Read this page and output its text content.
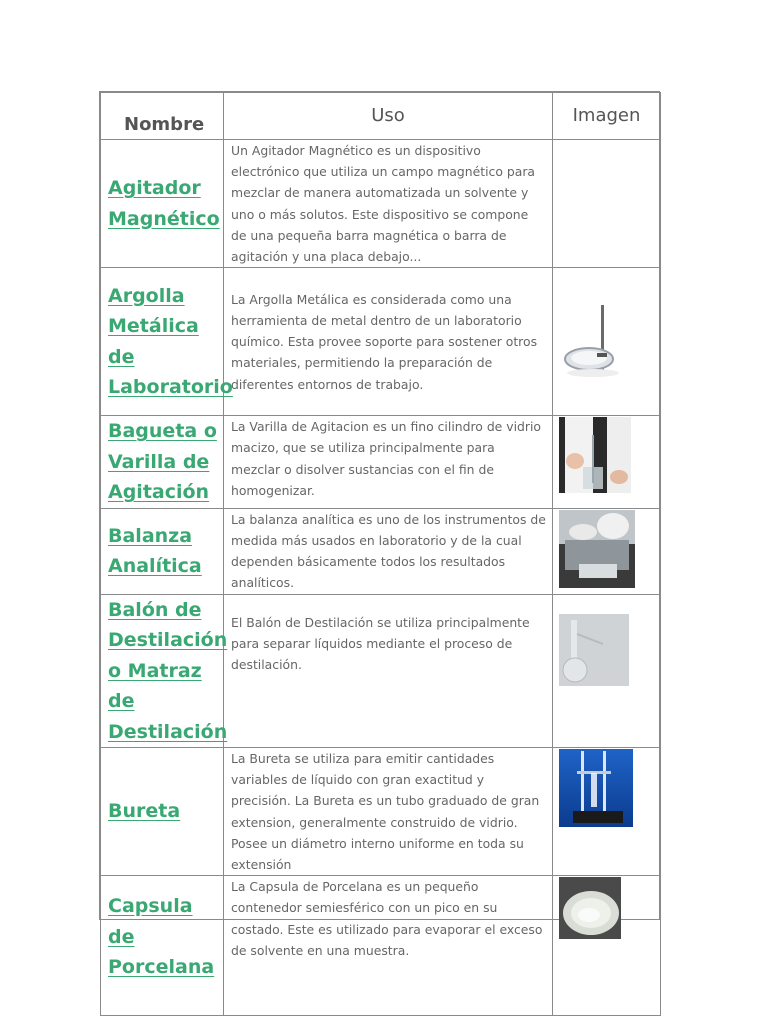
Nombre	Uso	Imagen

Agitador Magnético	Un Agitador Magnético es un dispositivo electrónico que utiliza un campo magnético para mezclar de manera automatizada un solvente y uno o más solutos. Este dispositivo se compone de una pequeña barra magnética o barra de agitación y una placa debajo...	

Argolla Metálica de Laboratorio	La Argolla Metálica es considerada como una herramienta de metal dentro de un laboratorio químico. Esta provee soporte para sostener otros materiales, permitiendo la preparación de diferentes entornos de trabajo.	

Bagueta o Varilla de Agitación	La Varilla de Agitacion es un fino cilindro de vidrio macizo, que se utiliza principalmente para mezclar o disolver sustancias con el fin de homogenizar.	

Balanza Analítica	La balanza analítica es uno de los instrumentos de medida más usados en laboratorio y de la cual dependen básicamente todos los resultados analíticos.	

Balón de Destilación o Matraz de Destilación	El Balón de Destilación se utiliza principalmente para separar líquidos mediante el proceso de destilación.	

Bureta	La Bureta se utiliza para emitir cantidades variables de líquido con gran exactitud y precisión. La Bureta es un tubo graduado de gran extension, generalmente construido de vidrio. Posee un diámetro interno uniforme en toda su extensión	

Capsula de Porcelana	La Capsula de Porcelana es un pequeño contenedor semiesférico con un pico en su costado. Este es utilizado para evaporar el exceso de solvente en una muestra.	
